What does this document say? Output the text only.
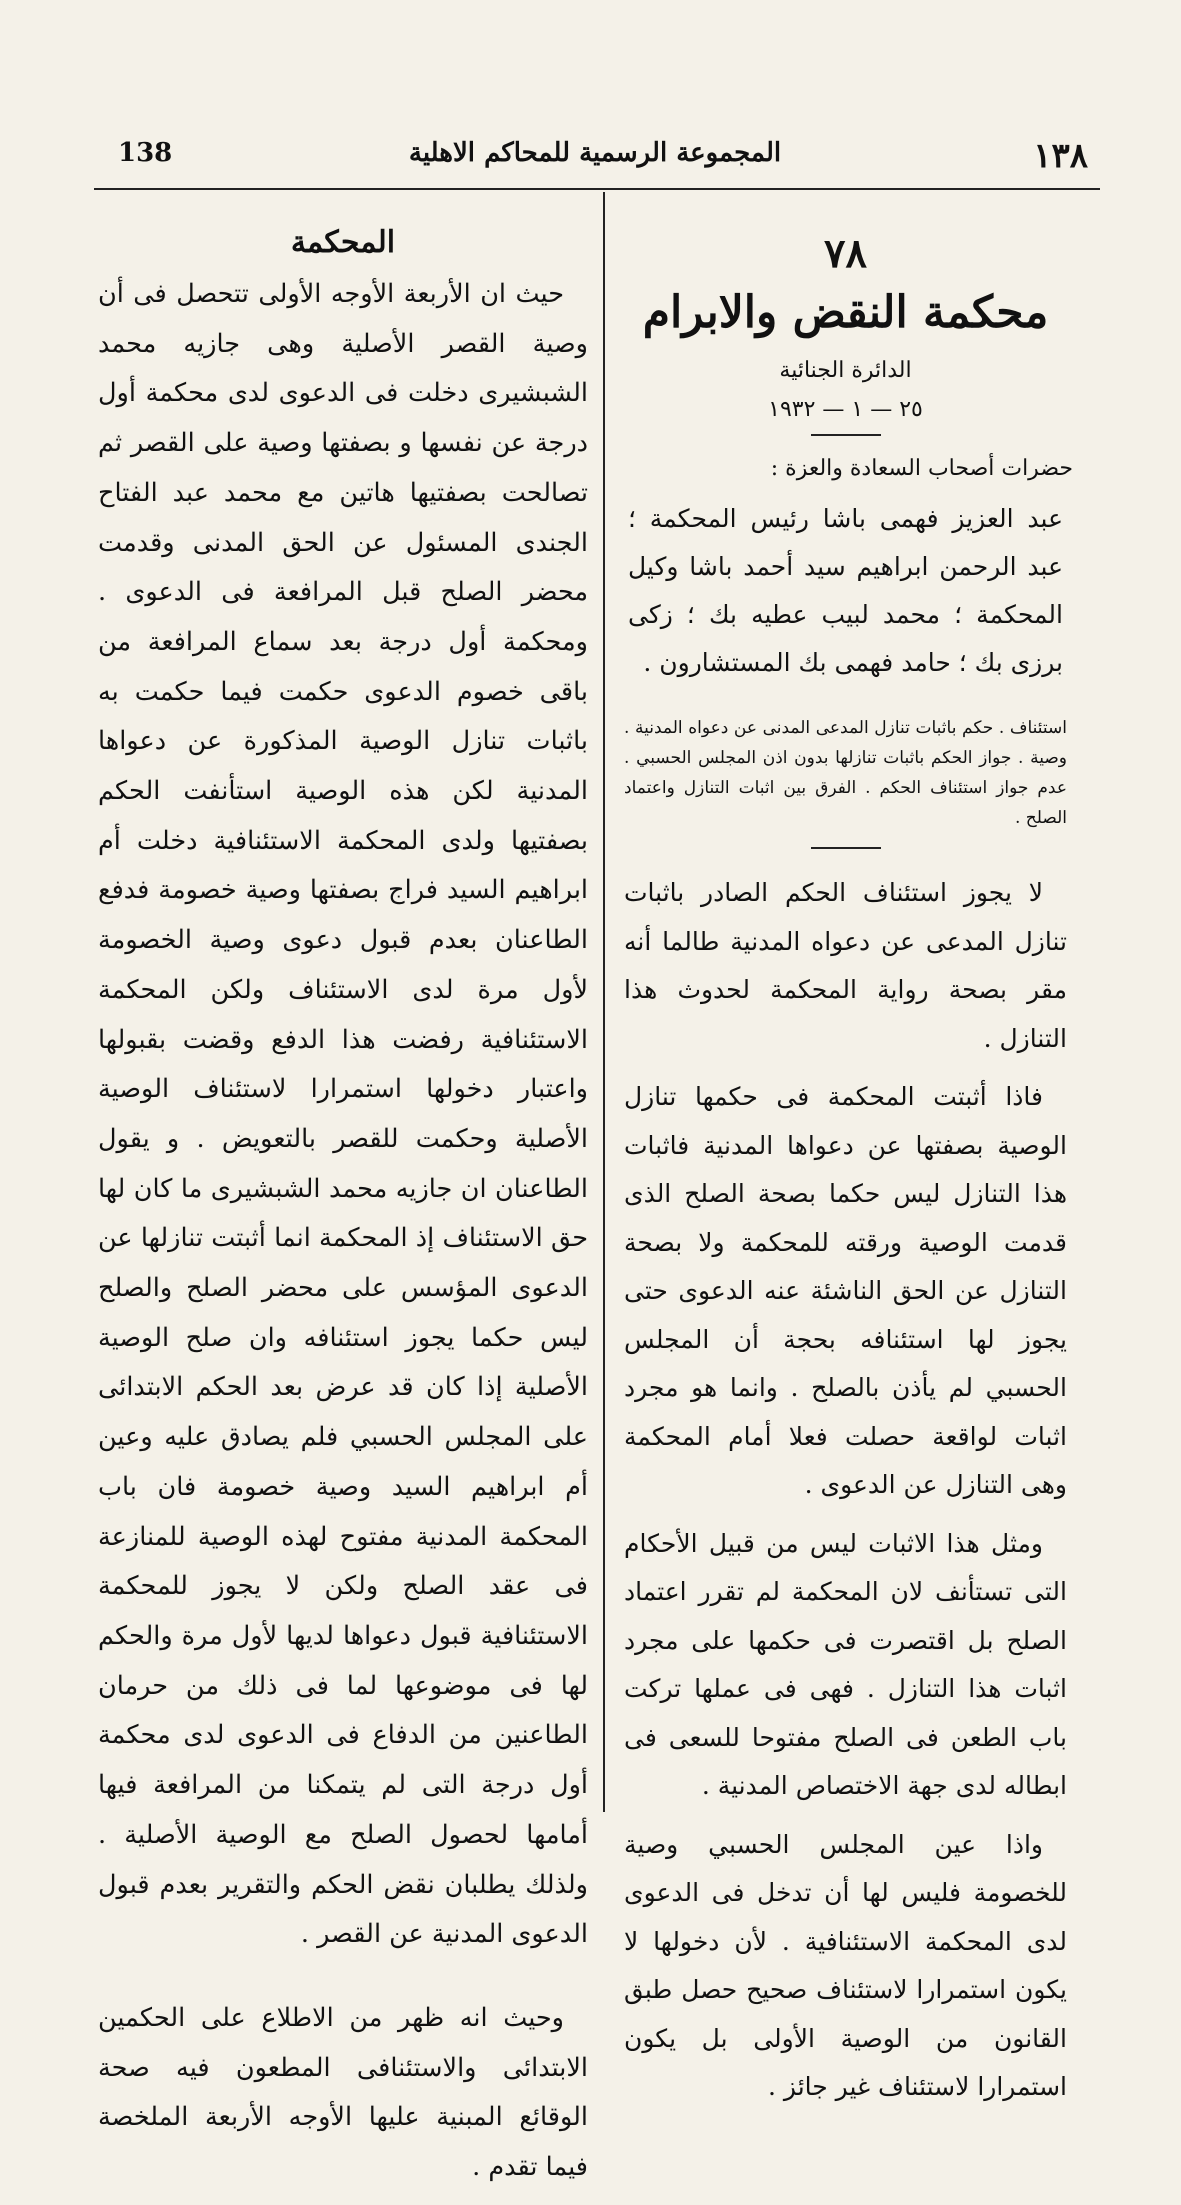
138	المجموعة الرسمية للمحاكم الاهلية	١٣٨
٧٨
محكمة النقض والابرام
الدائرة الجنائية
٢٥ — ١ — ١٩٣٢
حضرات أصحاب السعادة والعزة :
عبد العزيز فهمى باشا رئيس المحكمة ؛ عبد الرحمن ابراهيم سيد أحمد باشا وكيل المحكمة ؛ محمد لبيب عطيه بك ؛ زكى برزى بك ؛ حامد فهمى بك المستشارون .
استئناف . حكم باثبات تنازل المدعى المدنى عن دعواه المدنية . وصية . جواز الحكم باثبات تنازلها بدون اذن المجلس الحسبي . عدم جواز استئناف الحكم . الفرق بين اثبات التنازل واعتماد الصلح .

لا يجوز استئناف الحكم الصادر باثبات تنازل المدعى عن دعواه المدنية طالما أنه مقر بصحة رواية المحكمة لحدوث هذا التنازل .

فاذا أثبتت المحكمة فى حكمها تنازل الوصية بصفتها عن دعواها المدنية فاثبات هذا التنازل ليس حكما بصحة الصلح الذى قدمت الوصية ورقته للمحكمة ولا بصحة التنازل عن الحق الناشئة عنه الدعوى حتى يجوز لها استئنافه بحجة أن المجلس الحسبي لم يأذن بالصلح . وانما هو مجرد اثبات لواقعة حصلت فعلا أمام المحكمة وهى التنازل عن الدعوى .

ومثل هذا الاثبات ليس من قبيل الأحكام التى تستأنف لان المحكمة لم تقرر اعتماد الصلح بل اقتصرت فى حكمها على مجرد اثبات هذا التنازل . فهى فى عملها تركت باب الطعن فى الصلح مفتوحا للسعى فى ابطاله لدى جهة الاختصاص المدنية .

واذا عين المجلس الحسبي وصية للخصومة فليس لها أن تدخل فى الدعوى لدى المحكمة الاستئنافية . لأن دخولها لا يكون استمرارا لاستئناف صحيح حصل طبق القانون من الوصية الأولى بل يكون استمرارا لاستئناف غير جائز .

المحكمة

حيث ان الأربعة الأوجه الأولى تتحصل فى أن وصية القصر الأصلية وهى جازيه محمد الشبشيرى دخلت فى الدعوى لدى محكمة أول درجة عن نفسها و بصفتها وصية على القصر ثم تصالحت بصفتيها هاتين مع محمد عبد الفتاح الجندى المسئول عن الحق المدنى وقدمت محضر الصلح قبل المرافعة فى الدعوى . ومحكمة أول درجة بعد سماع المرافعة من باقى خصوم الدعوى حكمت فيما حكمت به باثبات تنازل الوصية المذكورة عن دعواها المدنية لكن هذه الوصية استأنفت الحكم بصفتيها ولدى المحكمة الاستئنافية دخلت أم ابراهيم السيد فراج بصفتها وصية خصومة فدفع الطاعنان بعدم قبول دعوى وصية الخصومة لأول مرة لدى الاستئناف ولكن المحكمة الاستئنافية رفضت هذا الدفع وقضت بقبولها واعتبار دخولها استمرارا لاستئناف الوصية الأصلية وحكمت للقصر بالتعويض . و يقول الطاعنان ان جازيه محمد الشبشيرى ما كان لها حق الاستئناف إذ المحكمة انما أثبتت تنازلها عن الدعوى المؤسس على محضر الصلح والصلح ليس حكما يجوز استئنافه وان صلح الوصية الأصلية إذا كان قد عرض بعد الحكم الابتدائى على المجلس الحسبي فلم يصادق عليه وعين أم ابراهيم السيد وصية خصومة فان باب المحكمة المدنية مفتوح لهذه الوصية للمنازعة فى عقد الصلح ولكن لا يجوز للمحكمة الاستئنافية قبول دعواها لديها لأول مرة والحكم لها فى موضوعها لما فى ذلك من حرمان الطاعنين من الدفاع فى الدعوى لدى محكمة أول درجة التى لم يتمكنا من المرافعة فيها أمامها لحصول الصلح مع الوصية الأصلية . ولذلك يطلبان نقض الحكم والتقرير بعدم قبول الدعوى المدنية عن القصر .

وحيث انه ظهر من الاطلاع على الحكمين الابتدائى والاستئنافى المطعون فيه صحة الوقائع المبنية عليها الأوجه الأربعة الملخصة فيما تقدم .
